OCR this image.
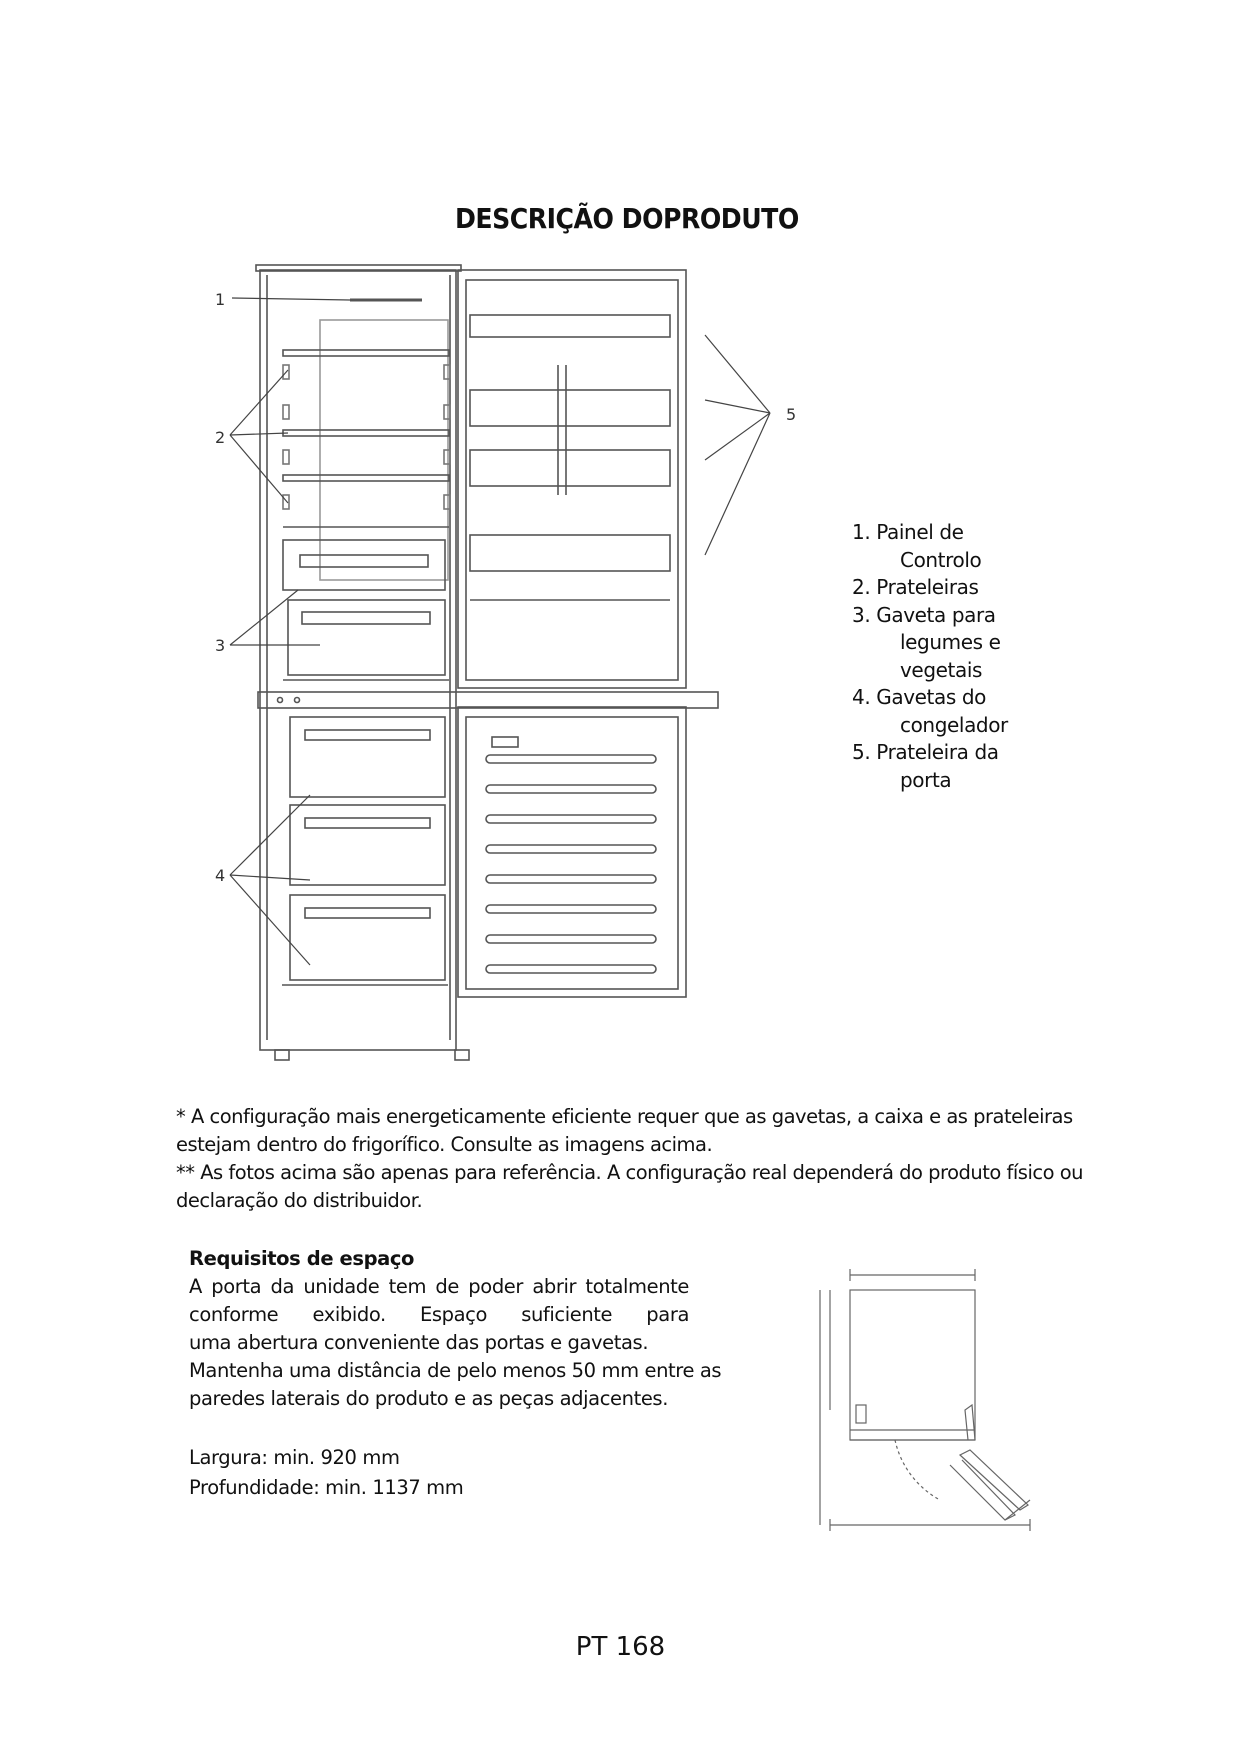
DESCRIÇÃO DOPRODUTO
1
2
3
4
5
1. Painel de
Controlo
2. Prateleiras
3. Gaveta para
legumes e
vegetais
4. Gavetas do
congelador
5. Prateleira da
porta

* A configuração mais energeticamente eficiente requer que as gavetas, a caixa e as prateleiras estejam dentro do frigorífico. Consulte as imagens acima.

** As fotos acima são apenas para referência. A configuração real dependerá do produto físico ou declaração do distribuidor.

Requisitos de espaço

A porta da unidade tem de poder abrir totalmente

conforme exibido. Espaço suficiente para

uma abertura conveniente das portas e gavetas.

Mantenha uma distância de pelo menos 50 mm entre as

paredes laterais do produto e as peças adjacentes.

Largura: min. 920 mm

Profundidade: min. 1137 mm

PT 168
